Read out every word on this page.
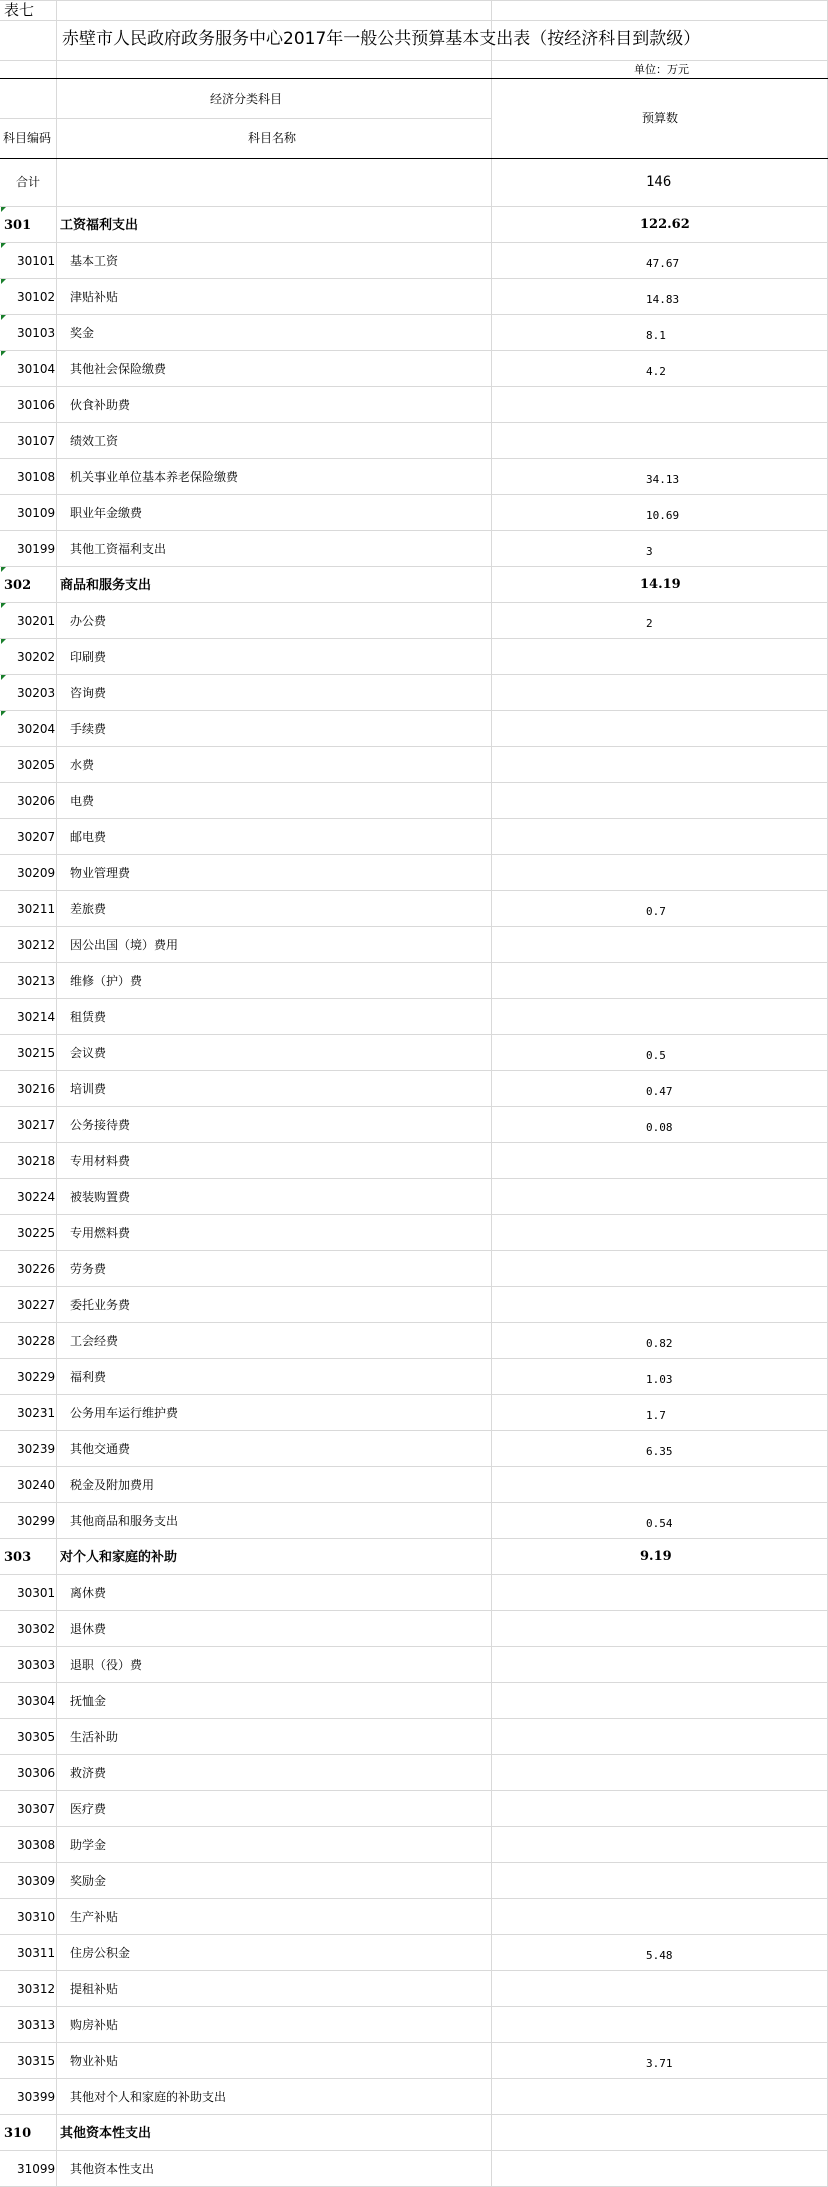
表七
赤壁市人民政府政务服务中心2017年一般公共预算基本支出表（按经济科目到款级）
单位：万元
经济分类科目
预算数
科目编码	科目名称
合计	146
301 工资福利支出	122.62
30101 基本工资	47.67
30102 津贴补贴	14.83
30103 奖金	8.1
30104 其他社会保险缴费	4.2
30106 伙食补助费
30107 绩效工资
30108 机关事业单位基本养老保险缴费	34.13
30109 职业年金缴费	10.69
30199 其他工资福利支出	3
302 商品和服务支出	14.19
30201 办公费	2
30202 印刷费
30203 咨询费
30204 手续费
30205 水费
30206 电费
30207 邮电费
30209 物业管理费
30211 差旅费	0.7
30212 因公出国（境）费用
30213 维修（护）费
30214 租赁费
30215 会议费	0.5
30216 培训费	0.47
30217 公务接待费	0.08
30218 专用材料费
30224 被装购置费
30225 专用燃料费
30226 劳务费
30227 委托业务费
30228 工会经费	0.82
30229 福利费	1.03
30231 公务用车运行维护费	1.7
30239 其他交通费	6.35
30240 税金及附加费用
30299 其他商品和服务支出	0.54
303 对个人和家庭的补助	9.19
30301 离休费
30302 退休费
30303 退职（役）费
30304 抚恤金
30305 生活补助
30306 救济费
30307 医疗费
30308 助学金
30309 奖励金
30310 生产补贴
30311 住房公积金	5.48
30312 提租补贴
30313 购房补贴
30315 物业补贴	3.71
30399 其他对个人和家庭的补助支出
310 其他资本性支出
31099 其他资本性支出
